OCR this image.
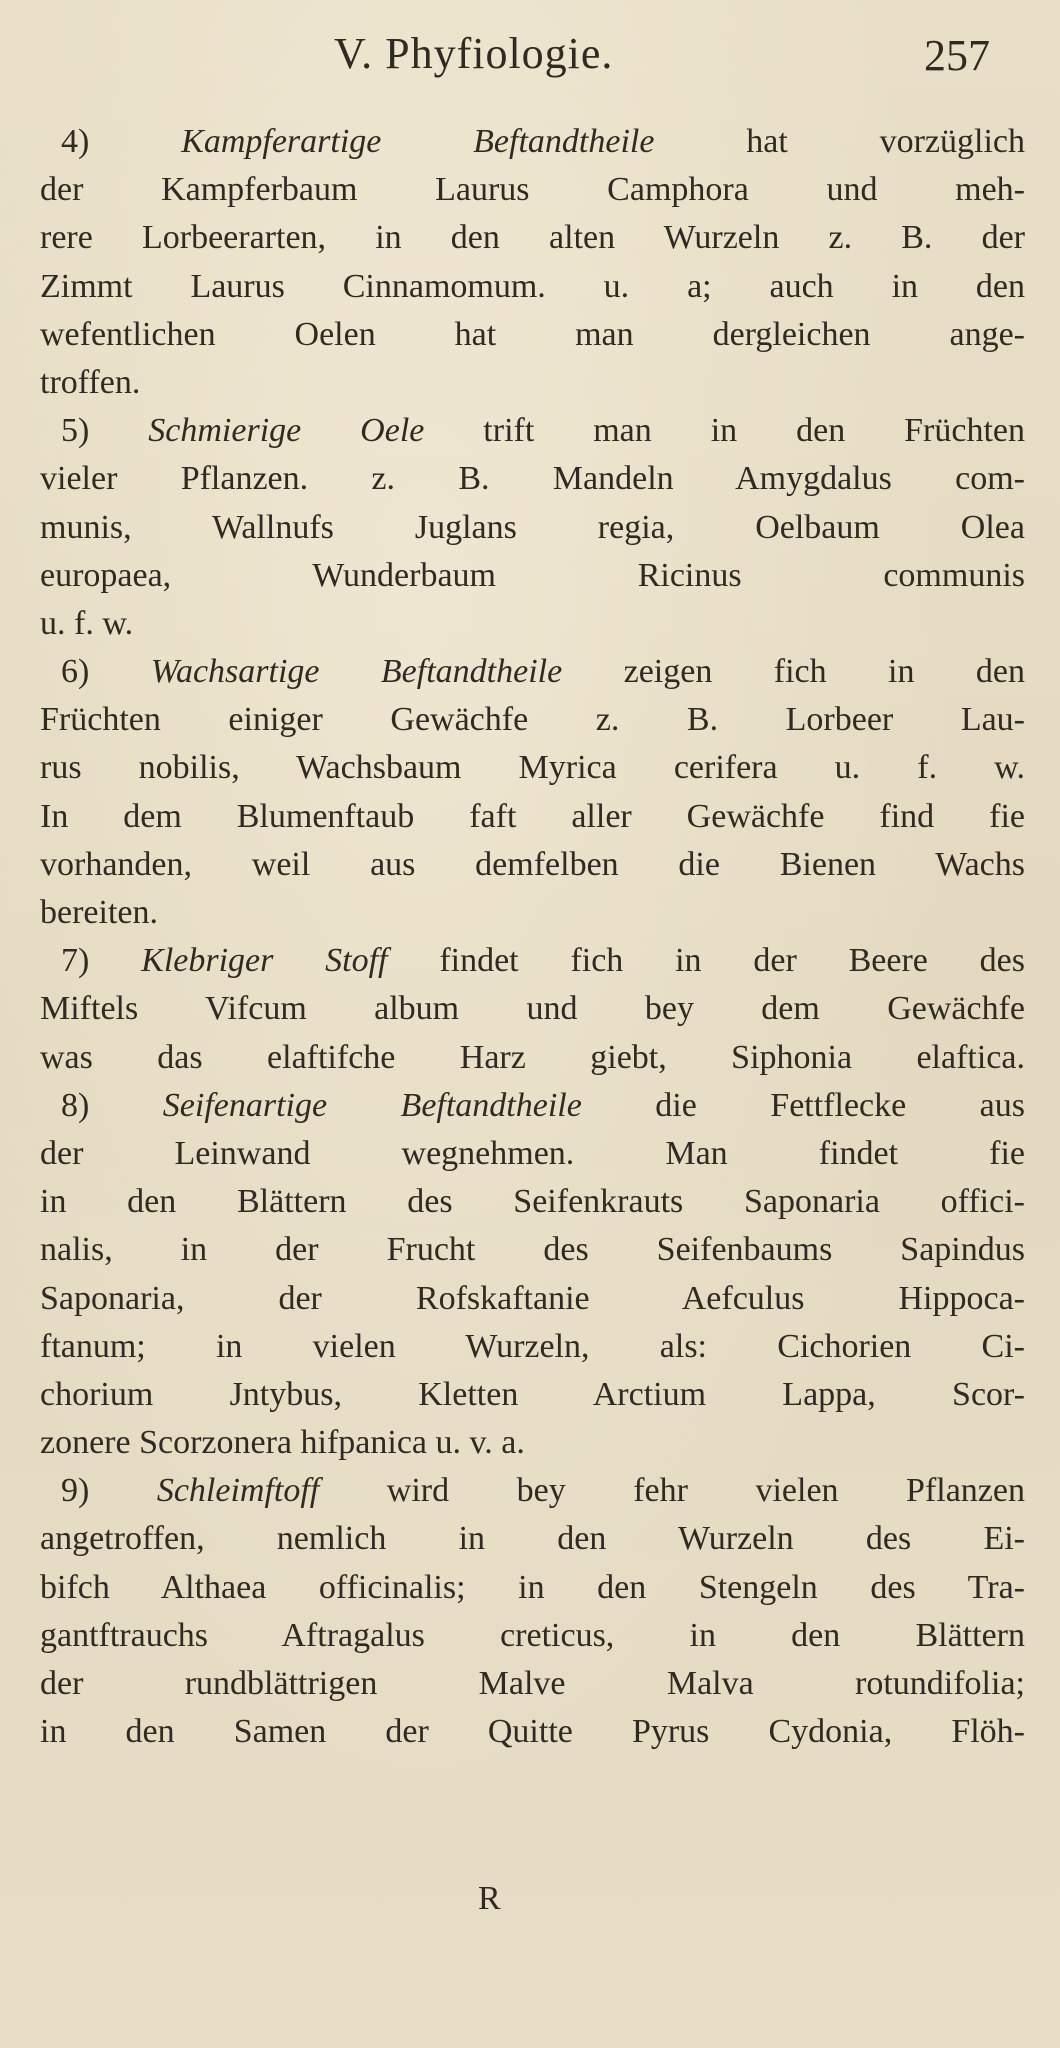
V. Phyfiologie.	257
4) Kampferartige Beftandtheile hat vorzüglich
der Kampferbaum Laurus Camphora und meh-
rere Lorbeerarten, in den alten Wurzeln z. B. der
Zimmt Laurus Cinnamomum. u. a; auch in den
wefentlichen Oelen hat man dergleichen ange-
troffen.
5) Schmierige Oele trift man in den Früchten
vieler Pflanzen. z. B. Mandeln Amygdalus com-
munis, Wallnufs Juglans regia, Oelbaum Olea
europaea, Wunderbaum Ricinus communis
u. f. w.
6) Wachsartige Beftandtheile zeigen fich in den
Früchten einiger Gewächfe z. B. Lorbeer Lau-
rus nobilis, Wachsbaum Myrica cerifera u. f. w.
In dem Blumenftaub faft aller Gewächfe find fie
vorhanden, weil aus demfelben die Bienen Wachs
bereiten.
7) Klebriger Stoff findet fich in der Beere des
Miftels Vifcum album und bey dem Gewächfe
was das elaftifche Harz giebt, Siphonia elaftica.
8) Seifenartige Beftandtheile die Fettflecke aus
der Leinwand wegnehmen. Man findet fie
in den Blättern des Seifenkrauts Saponaria offici-
nalis, in der Frucht des Seifenbaums Sapindus
Saponaria, der Rofskaftanie Aefculus Hippoca-
ftanum; in vielen Wurzeln, als: Cichorien Ci-
chorium Jntybus, Kletten Arctium Lappa, Scor-
zonere Scorzonera hifpanica u. v. a.
9) Schleimftoff wird bey fehr vielen Pflanzen
angetroffen, nemlich in den Wurzeln des Ei-
bifch Althaea officinalis; in den Stengeln des Tra-
gantftrauchs Aftragalus creticus, in den Blättern
der rundblättrigen Malve Malva rotundifolia;
in den Samen der Quitte Pyrus Cydonia, Flöh-
R
